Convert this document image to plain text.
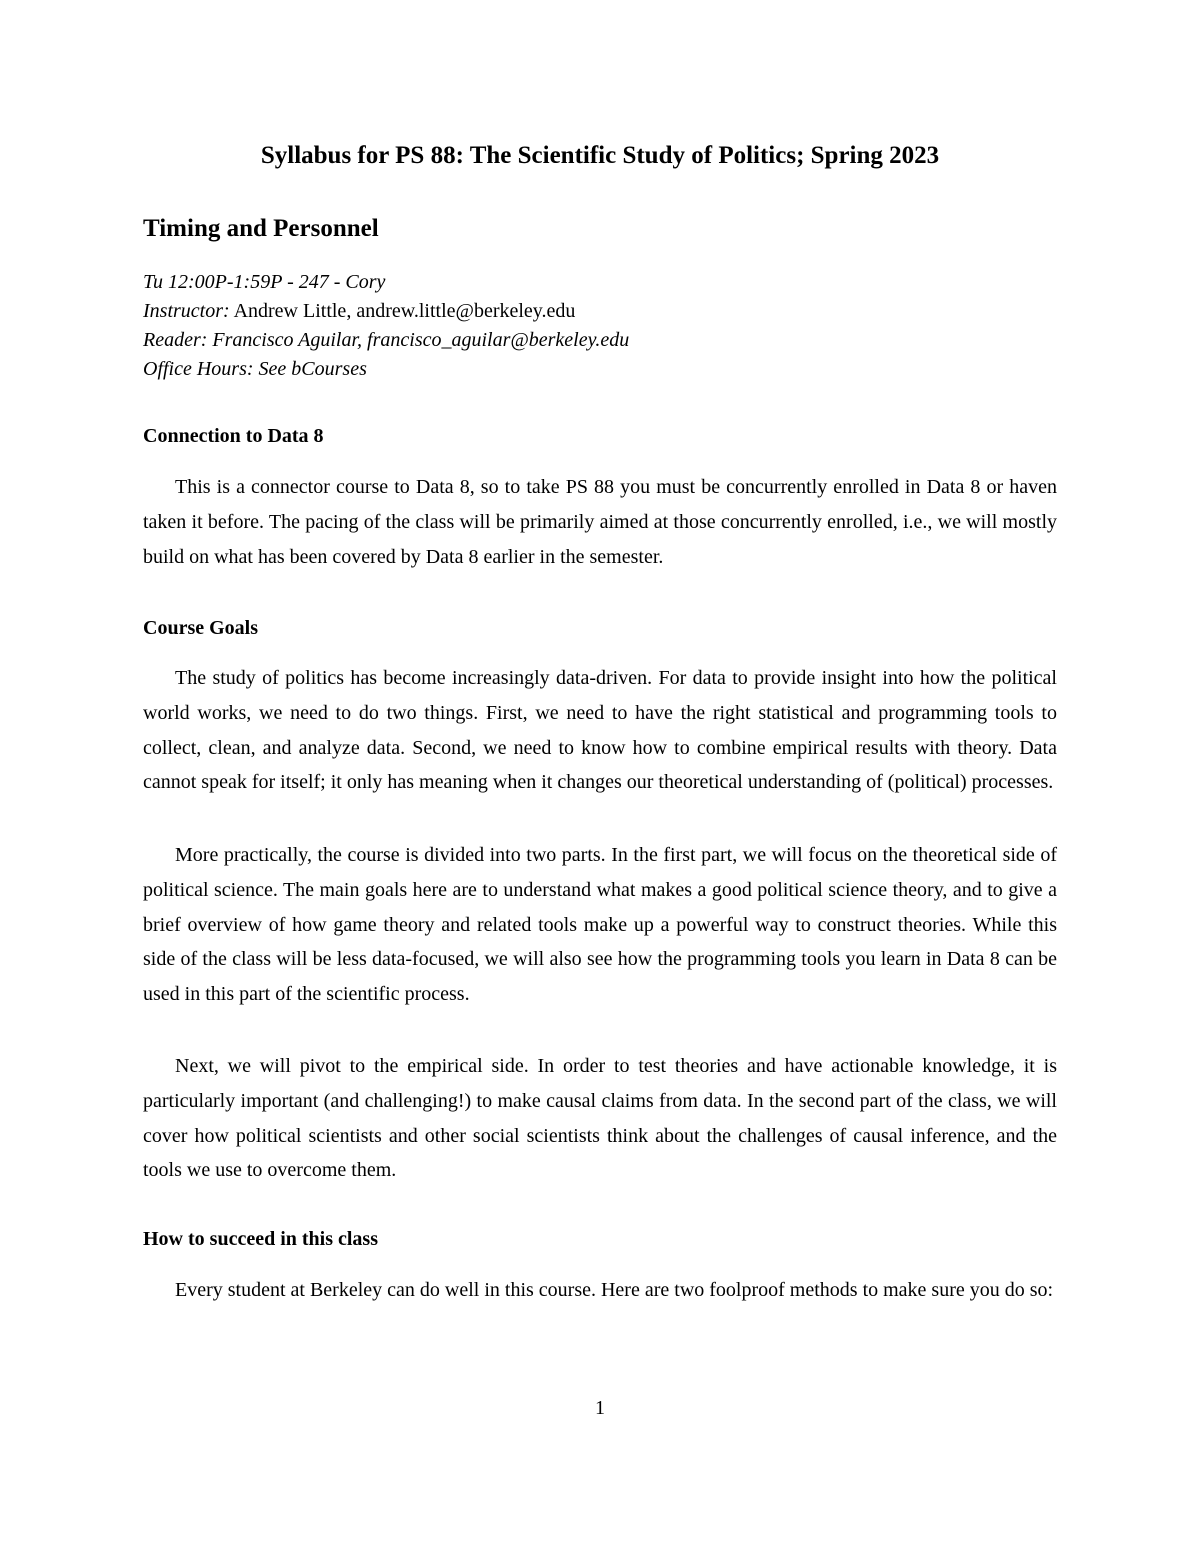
Syllabus for PS 88: The Scientific Study of Politics; Spring 2023
Timing and Personnel
Tu 12:00P-1:59P - 247 - Cory
Instructor: Andrew Little, andrew.little@berkeley.edu
Reader: Francisco Aguilar, francisco_aguilar@berkeley.edu
Office Hours: See bCourses
Connection to Data 8

This is a connector course to Data 8, so to take PS 88 you must be concurrently enrolled in Data 8 or haven taken it before. The pacing of the class will be primarily aimed at those concurrently enrolled, i.e., we will mostly build on what has been covered by Data 8 earlier in the semester.

Course Goals

The study of politics has become increasingly data-driven. For data to provide insight into how the political world works, we need to do two things. First, we need to have the right statistical and programming tools to collect, clean, and analyze data. Second, we need to know how to combine empirical results with theory. Data cannot speak for itself; it only has meaning when it changes our theoretical understanding of (political) processes.

More practically, the course is divided into two parts. In the first part, we will focus on the theoretical side of political science. The main goals here are to understand what makes a good political science theory, and to give a brief overview of how game theory and related tools make up a powerful way to construct theories. While this side of the class will be less data-focused, we will also see how the programming tools you learn in Data 8 can be used in this part of the scientific process.

Next, we will pivot to the empirical side. In order to test theories and have actionable knowledge, it is particularly important (and challenging!) to make causal claims from data. In the second part of the class, we will cover how political scientists and other social scientists think about the challenges of causal inference, and the tools we use to overcome them.

How to succeed in this class

Every student at Berkeley can do well in this course. Here are two foolproof methods to make sure you do so:

1
